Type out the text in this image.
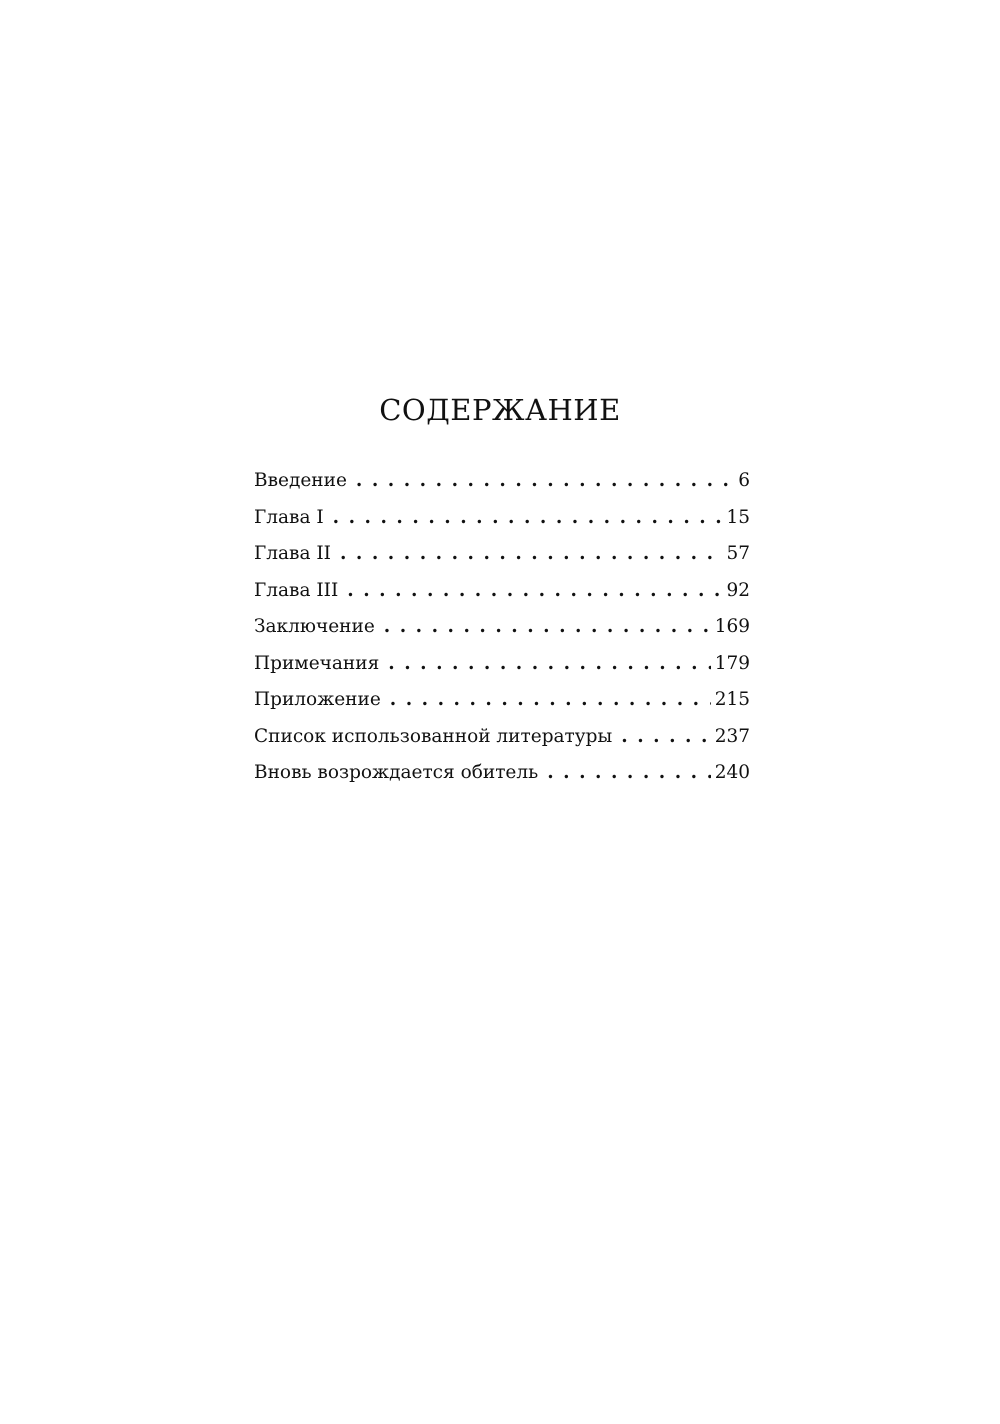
СОДЕРЖАНИЕ
Введение .....	6
Глава I .....	15
Глава II .....	57
Глава III .....	92
Заключение .....	169
Примечания .....	179
Приложение .....	215
Список использованной литературы .....	237
Вновь возрождается обитель .....	240
